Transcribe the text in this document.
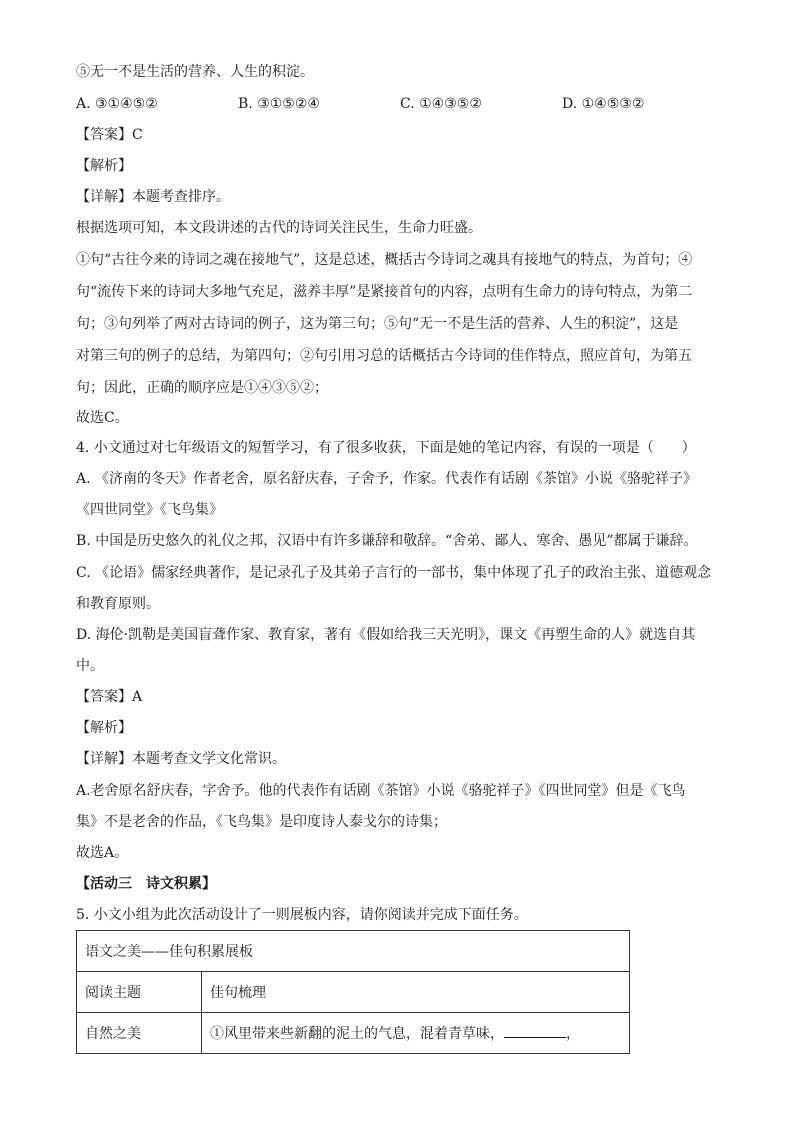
⑤无一不是生活的营养、人生的积淀。
A. ③①④⑤②	B. ③①⑤②④	C. ①④③⑤②	D. ①④⑤③②
【答案】C
【解析】
【详解】本题考查排序。
根据选项可知，本文段讲述的古代的诗词关注民生，生命力旺盛。
①句“古往今来的诗词之魂在接地气”，这是总述，概括古今诗词之魂具有接地气的特点，为首句；④
句“流传下来的诗词大多地气充足，滋养丰厚”是紧接首句的内容，点明有生命力的诗句特点，为第二
句；③句列举了两对古诗词的例子，这为第三句；⑤句“无一不是生活的营养、人生的积淀”，这是
对第三句的例子的总结，为第四句；②句引用习总的话概括古今诗词的佳作特点，照应首句，为第五
句；因此，正确的顺序应是①④③⑤②；
故选C。
4. 小文通过对七年级语文的短暂学习，有了很多收获，下面是她的笔记内容，有误的一项是（　　）
A. 《济南的冬天》作者老舍，原名舒庆春，子舍予，作家。代表作有话剧《茶馆》小说《骆驼祥子》
《四世同堂》《飞鸟集》
B. 中国是历史悠久的礼仪之邦，汉语中有许多谦辞和敬辞。“舍弟、鄙人、寒舍、愚见”都属于谦辞。
C. 《论语》儒家经典著作，是记录孔子及其弟子言行的一部书，集中体现了孔子的政治主张、道德观念
和教育原则。
D. 海伦·凯勒是美国盲聋作家、教育家，著有《假如给我三天光明》，课文《再塑生命的人》就选自其
中。
【答案】A
【解析】
【详解】本题考查文学文化常识。
A.老舍原名舒庆春，字舍予。他的代表作有话剧《茶馆》小说《骆驼祥子》《四世同堂》但是《飞鸟
集》不是老舍的作品，《飞鸟集》是印度诗人泰戈尔的诗集；
故选A。
【活动三　诗文积累】
5. 小文小组为此次活动设计了一则展板内容，请你阅读并完成下面任务。
语文之美——佳句积累展板	
阅读主题	佳句梳理
自然之美	①风里带来些新翻的泥土的气息，混着青草味， ，
